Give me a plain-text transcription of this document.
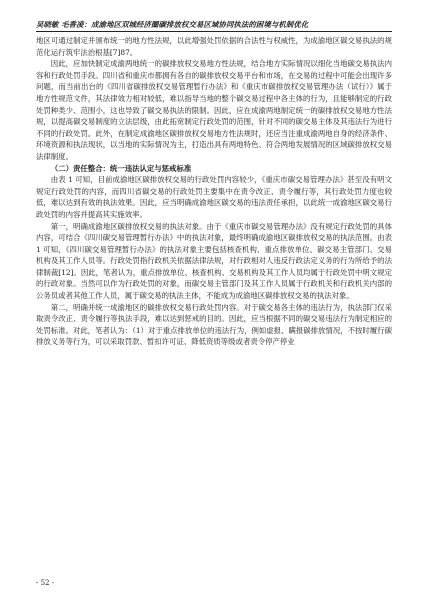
吴晓敏 毛香凌：成渝地区双城经济圈碳排放权交易区域协同执法的困境与机制优化

地区可通过制定并颁布统一的地方性法规，以此增强处罚依据的合法性与权威性，为成渝地区碳交易执法的规范化运行筑牢法治根基[7]87。

因此，应加快制定成渝两地统一的碳排放权交易地方性法规，结合地方实际情况以细化当地碳交易执法内容和行政处罚手段。四川省和重庆市都拥有各自的碳排放权交易平台和市场，在交易的过程中可能会出现许多问题，而当前出台的《四川省碳排放权交易管理暂行办法》和《重庆市碳排放权交易管理办法（试行）》属于地方性规范文件，其法律效力相对较低，难以指导当地的整个碳交易过程中各主体的行为，且能够制定的行政处罚种类少、范围小，这也导致了碳交易执法的限制。因此，应在成渝两地制定统一的碳排放权交易地方性法规，以提高碳交易制度的立法层级，由此拓宽制定行政处罚的范围，针对不同的碳交易主体及其违法行为进行不同的行政处罚。此外，在制定成渝地区碳排放权交易地方性法规时，还应当注重成渝两地自身的经济条件、环境资源和执法现状，以当地的实际情况为主，打造出具有两地特色、符合两地发展情况的区域碳排放权交易法律制度。

（二）责任整合：统一违法认定与惩戒标准

由表 1 可知，目前成渝地区碳排放权交易的行政处罚内容较少，《重庆市碳交易管理办法》甚至没有明文规定行政处罚的内容，而四川省碳交易的行政处罚主要集中在责令改正、责令履行等，其行政处罚力度也较低，难以达到有效的执法效果。因此，应当明确成渝地区碳交易的违法责任承担，以此统一成渝地区碳交易行政处罚的内容并提高其实施效率。

第一，明确成渝地区碳排放权交易的执法对象。由于《重庆市碳交易管理办法》没有规定行政处罚的具体内容，可结合《四川碳交易管理暂行办法》中的执法对象，最终明确成渝地区碳排放权交易的执法范围。由表 1 可知，《四川碳交易管理暂行办法》的执法对象主要包括核查机构、重点排放单位、碳交易主管部门、交易机构及其工作人员等。行政处罚指行政机关依据法律法规，对行政相对人违反行政法定义务的行为所给予的法律制裁[12]。因此，笔者认为，重点排放单位、核查机构、交易机构及其工作人员均属于行政处罚中明文规定的行政对象。当然可以作为行政处罚的对象，而碳交易主管部门及其工作人员属于行政机关和行政机关内部的公务员或者其他工作人员，属于碳交易的执法主体，不能成为成渝地区碳排放权交易的执法对象。

第二，明确并统一成渝地区的碳排放权交易行政处罚内容。对于碳交易各主体的违法行为，执法部门仅采取责令改正、责令履行等执法手段，难以达到惩戒的目的。因此，应当根据不同的碳交易违法行为制定相应的处罚标准。对此，笔者认为：（1）对于重点排放单位的违法行为，例如虚报、瞒报碳排放情况，不按时履行碳排放义务等行为，可以采取罚款、暂扣许可证、降低资质等级或者责令停产停业

- 52 -
